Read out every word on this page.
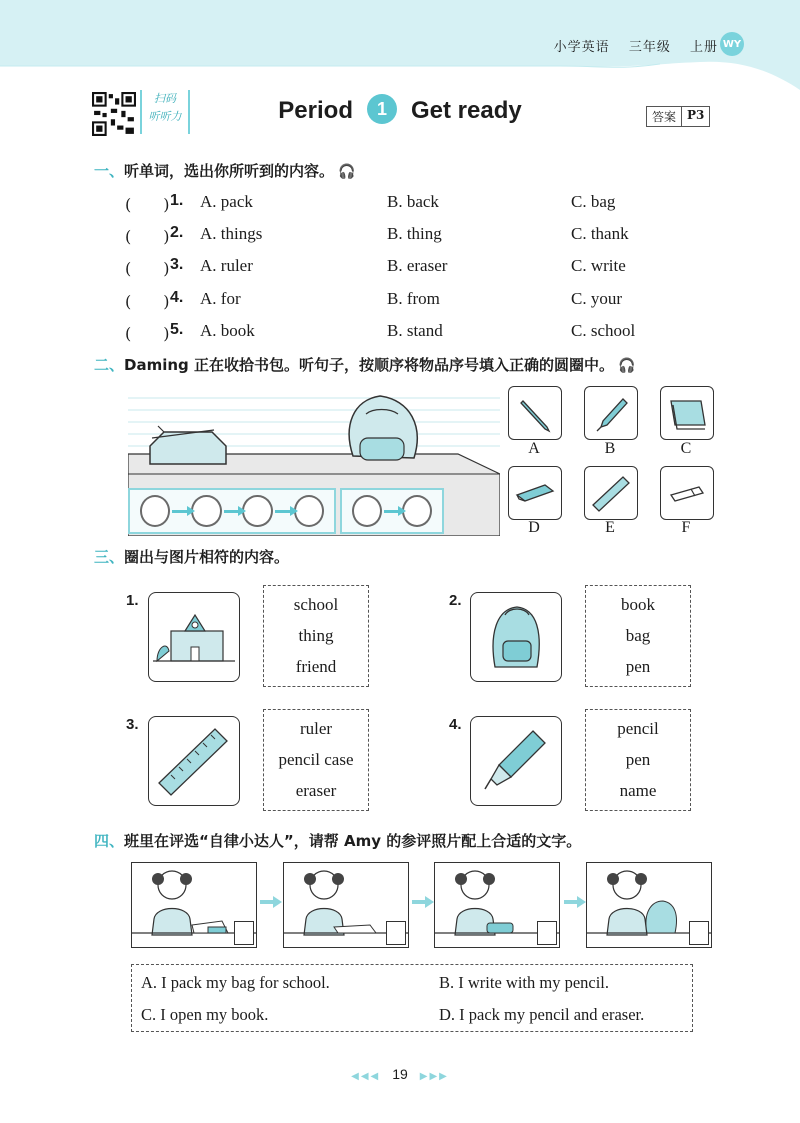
小学英语 三年级 上册 WY
扫码
听听力	Period 1 Get ready	答案 P3
一、听单词，选出你所听到的内容。 🎧
(　　) 1. A. pack	B. back	C. bag
(　　) 2. A. things	B. thing	C. thank
(　　) 3. A. ruler	B. eraser	C. write
(　　) 4. A. for	B. from	C. your
(　　) 5. A. book	B. stand	C. school
二、Daming 正在收拾书包。听句子，按顺序将物品序号填入正确的圆圈中。 🎧
A	B	C
D	E	F
三、圈出与图片相符的内容。
1.	school
thing
friend
2.	book
bag
pen
3.	ruler
pencil case
eraser
4.	pencil
pen
name
四、班里在评选“自律小达人”，请帮 Amy 的参评照片配上合适的文字。
A. I pack my bag for school.	B. I write with my pencil.
C. I open my book.	D. I pack my pencil and eraser.
◀◀◀ 19 ▶▶▶
